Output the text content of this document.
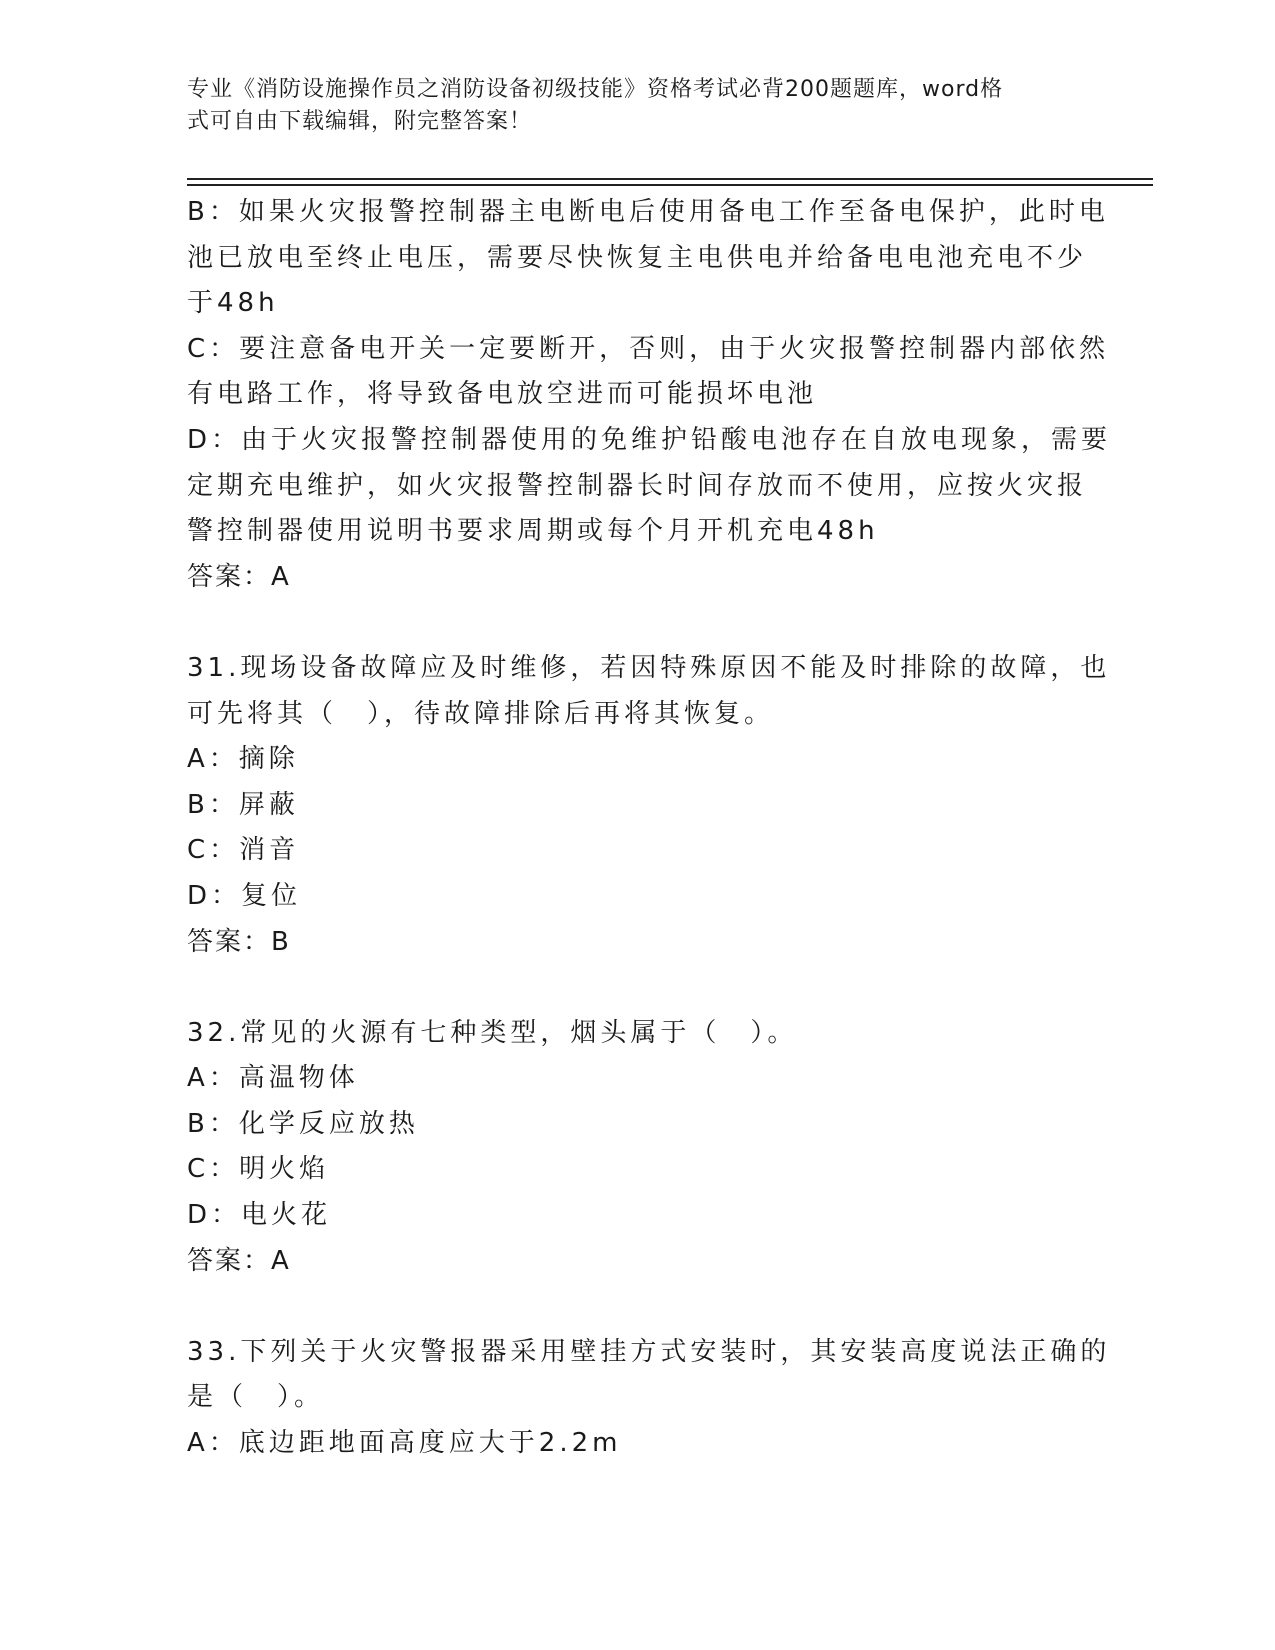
专业《消防设施操作员之消防设备初级技能》资格考试必背200题题库，word格
式可自由下载编辑，附完整答案！
B：如果火灾报警控制器主电断电后使用备电工作至备电保护，此时电
池已放电至终止电压，需要尽快恢复主电供电并给备电电池充电不少
于48h
C：要注意备电开关一定要断开，否则，由于火灾报警控制器内部依然
有电路工作，将导致备电放空进而可能损坏电池
D：由于火灾报警控制器使用的免维护铅酸电池存在自放电现象，需要
定期充电维护，如火灾报警控制器长时间存放而不使用，应按火灾报
警控制器使用说明书要求周期或每个月开机充电48h
答案：A
31.现场设备故障应及时维修，若因特殊原因不能及时排除的故障，也
可先将其（　），待故障排除后再将其恢复。
A：摘除
B：屏蔽
C：消音
D：复位
答案：B
32.常见的火源有七种类型，烟头属于（　）。
A：高温物体
B：化学反应放热
C：明火焰
D：电火花
答案：A
33.下列关于火灾警报器采用壁挂方式安装时，其安装高度说法正确的
是（　）。
A：底边距地面高度应大于2.2m
